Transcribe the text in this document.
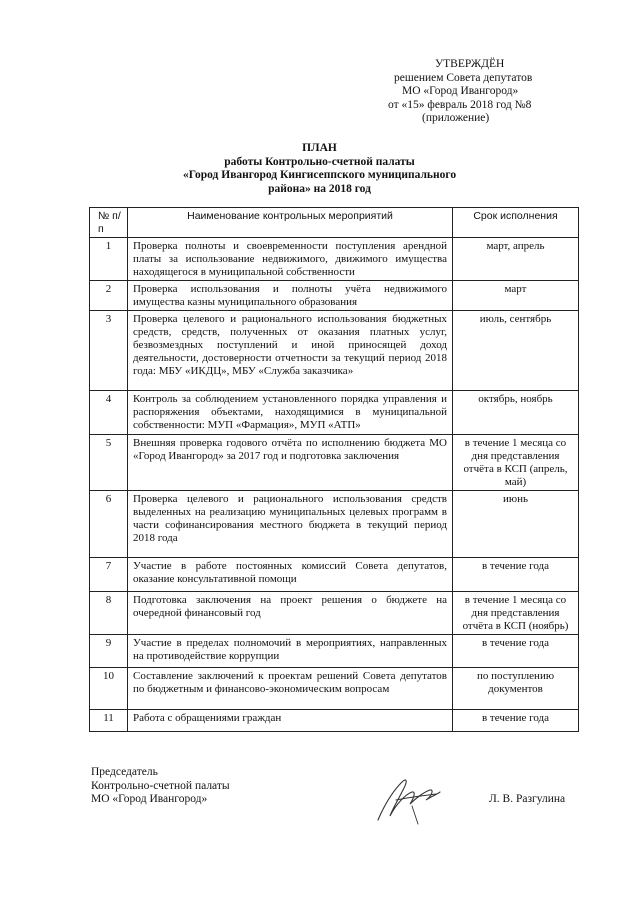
УТВЕРЖДЁН
решением Совета депутатов
МО «Город Ивангород»
от «15» февраль 2018 год №8
(приложение)
ПЛАН
работы Контрольно-счетной палаты
«Город Ивангород Кингисеппского муниципального
района» на 2018 год
№ п/п	Наименование контрольных мероприятий	Срок исполнения
1	Проверка полноты и своевременности поступления арендной платы за использование недвижимого, движимого имущества находящегося в муниципальной собственности	март, апрель
2	Проверка использования и полноты учёта недвижимого имущества казны муниципального образования	март
3	Проверка целевого и рационального использования бюджетных средств, средств, полученных от оказания платных услуг, безвозмездных поступлений и иной приносящей доход деятельности, достоверности отчетности за текущий период 2018 года: МБУ «ИКДЦ», МБУ «Служба заказчика»	июль, сентябрь
4	Контроль за соблюдением установленного порядка управления и распоряжения объектами, находящимися в муниципальной собственности: МУП «Фармация», МУП «АТП»	октябрь, ноябрь
5	Внешняя проверка годового отчёта по исполнению бюджета МО «Город Ивангород» за 2017 год и подготовка заключения	в течение 1 месяца со дня представления отчёта в КСП (апрель, май)
6	Проверка целевого и рационального использования средств выделенных на реализацию муниципальных целевых программ в части софинансирования местного бюджета в текущий период 2018 года	июнь
7	Участие в работе постоянных комиссий Совета депутатов, оказание консультативной помощи	в течение года
8	Подготовка заключения на проект решения о бюджете на очередной финансовый год	в течение 1 месяца со дня представления отчёта в КСП (ноябрь)
9	Участие в пределах полномочий в мероприятиях, направленных на противодействие коррупции	в течение года
10	Составление заключений к проектам решений Совета депутатов по бюджетным и финансово-экономическим вопросам	по поступлению документов
11	Работа с обращениями граждан	в течение года
Председатель
Контрольно-счетной палаты
МО «Город Ивангород»	Л. В. Разгулина
